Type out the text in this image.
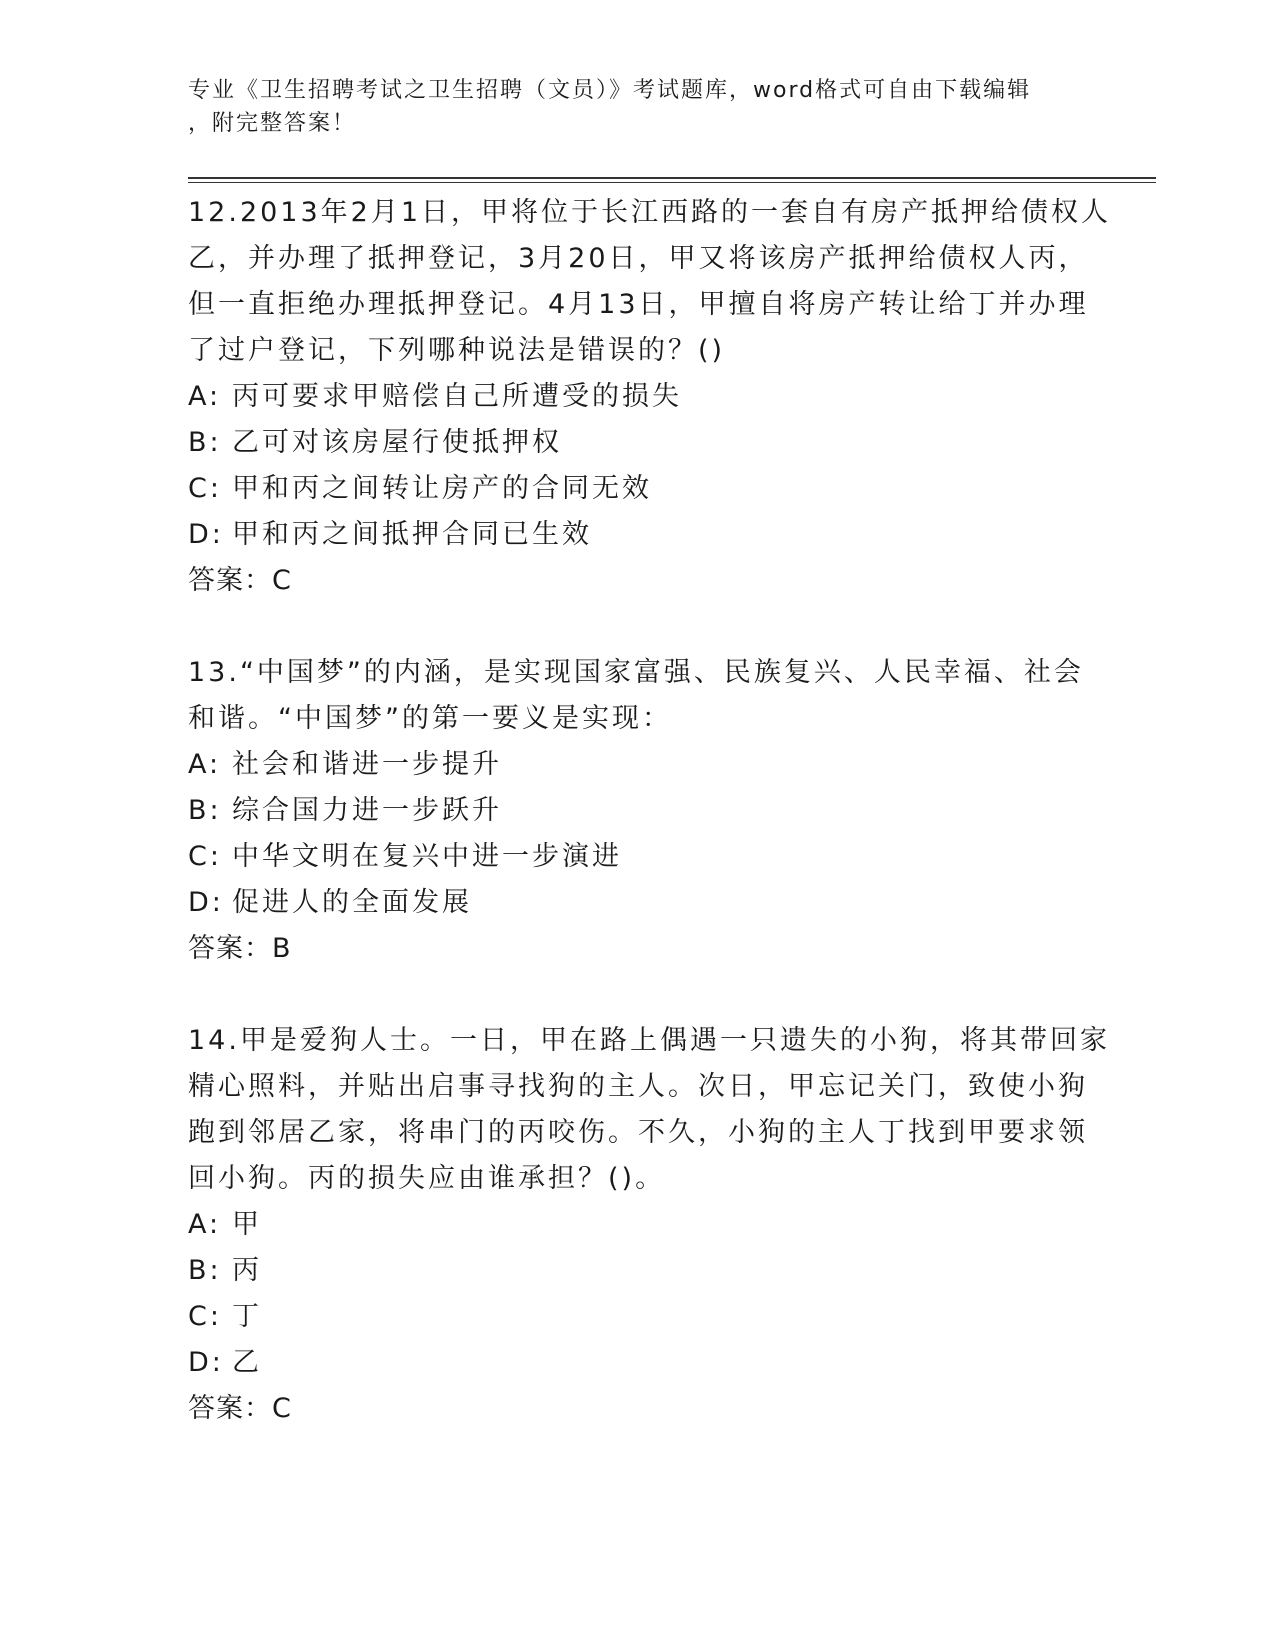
专业《卫生招聘考试之卫生招聘（文员）》考试题库，word格式可自由下载编辑
，附完整答案！
12.2013年2月1日，甲将位于长江西路的一套自有房产抵押给债权人
乙，并办理了抵押登记，3月20日，甲又将该房产抵押给债权人丙，
但一直拒绝办理抵押登记。4月13日，甲擅自将房产转让给丁并办理
了过户登记，下列哪种说法是错误的？()
A: 丙可要求甲赔偿自己所遭受的损失
B: 乙可对该房屋行使抵押权
C: 甲和丙之间转让房产的合同无效
D: 甲和丙之间抵押合同已生效
答案：C
13.“中国梦”的内涵，是实现国家富强、民族复兴、人民幸福、社会
和谐。“中国梦”的第一要义是实现：
A: 社会和谐进一步提升
B: 综合国力进一步跃升
C: 中华文明在复兴中进一步演进
D: 促进人的全面发展
答案：B
14.甲是爱狗人士。一日，甲在路上偶遇一只遗失的小狗，将其带回家
精心照料，并贴出启事寻找狗的主人。次日，甲忘记关门，致使小狗
跑到邻居乙家，将串门的丙咬伤。不久，小狗的主人丁找到甲要求领
回小狗。丙的损失应由谁承担？()。
A: 甲
B: 丙
C: 丁
D: 乙
答案：C
